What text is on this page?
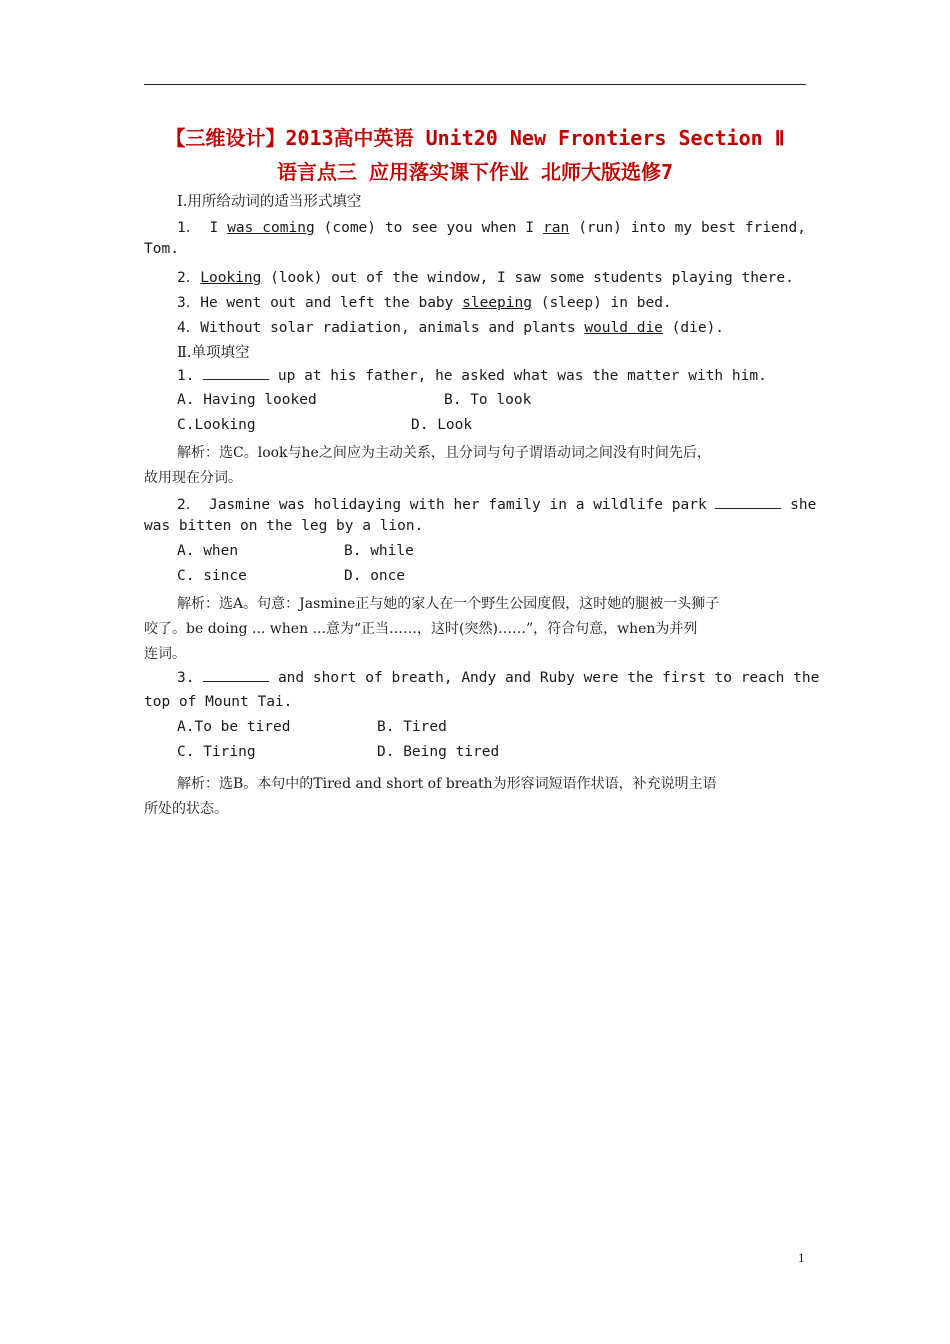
【三维设计】2013高中英语 Unit20 New Frontiers Section Ⅱ
语言点三 应用落实课下作业 北师大版选修7
Ⅰ.用所给动词的适当形式填空
1． I was coming (come) to see you when I ran (run) into my best friend,
Tom.
2．Looking (look) out of the window, I saw some students playing there.
3．He went out and left the baby sleeping (sleep) in bed.
4．Without solar radiation, animals and plants would die (die).
Ⅱ.单项填空
1.	up at his father, he asked what was the matter with him.
A. Having looked	B. To look
C.Looking	D. Look
解析：选C。look与he之间应为主动关系，且分词与句子谓语动词之间没有时间先后，
故用现在分词。
2． Jasmine was holidaying with her family in a wildlife park	she
was bitten on the leg by a lion.
A. when	B. while
C. since	D. once
解析：选A。句意：Jasmine正与她的家人在一个野生公园度假，这时她的腿被一头狮子
咬了。be doing ... when ...意为“正当……，这时(突然)……”，符合句意，when为并列
连词。
3.	and short of breath, Andy and Ruby were the first to reach the
top of Mount Tai.
A.To be tired	B. Tired
C. Tiring	D. Being tired
解析：选B。本句中的Tired and short of breath为形容词短语作状语，补充说明主语
所处的状态。
1
